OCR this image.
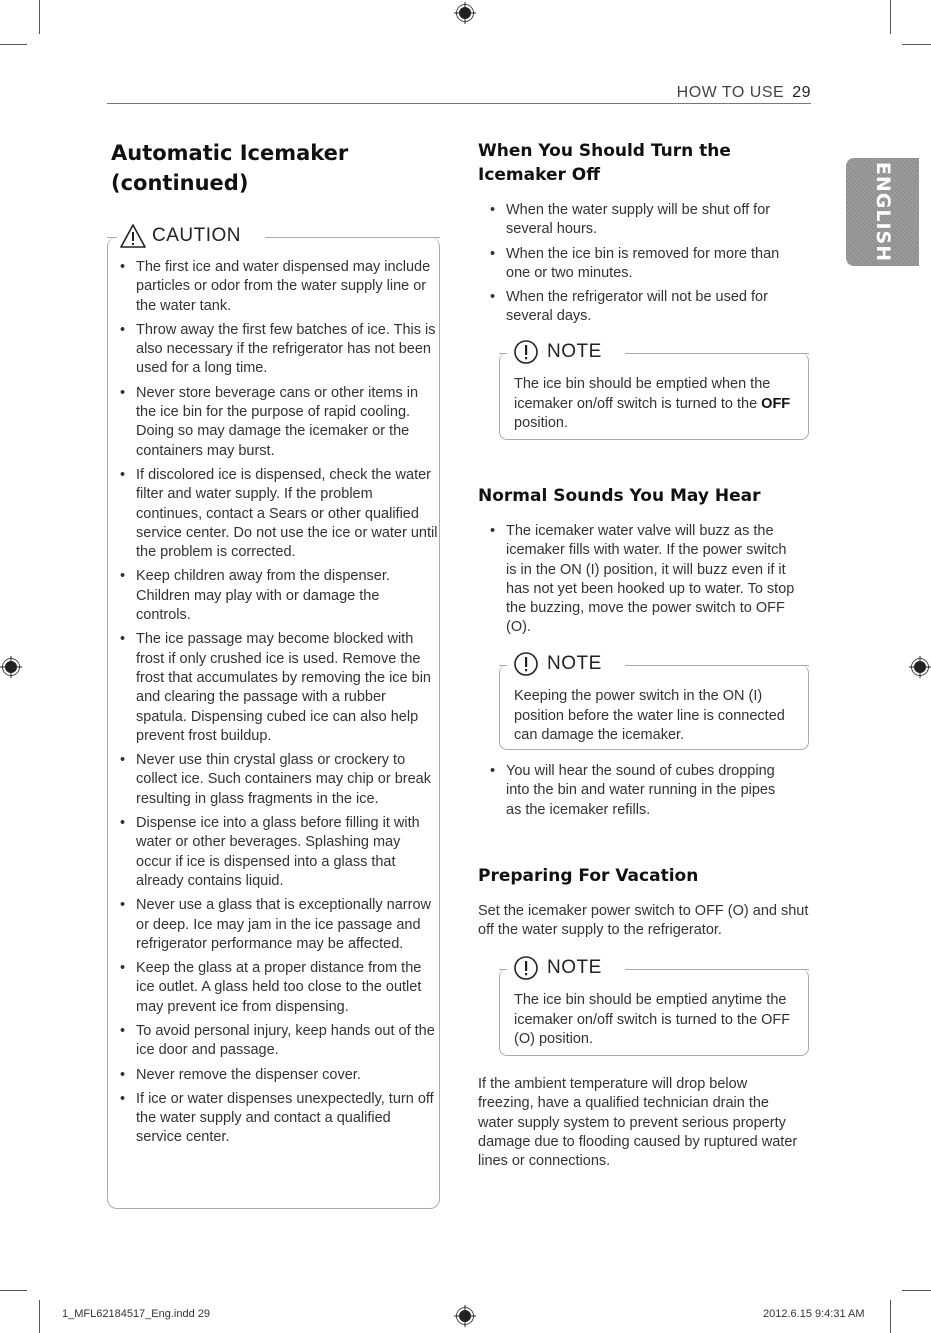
HOW TO USE 29
ENGLISH
Automatic Icemaker
(continued)
CAUTION
• The first ice and water dispensed may include particles or odor from the water supply line or the water tank.
• Throw away the first few batches of ice. This is also necessary if the refrigerator has not been used for a long time.
• Never store beverage cans or other items in the ice bin for the purpose of rapid cooling. Doing so may damage the icemaker or the containers may burst.
• If discolored ice is dispensed, check the water filter and water supply. If the problem continues, contact a Sears or other qualified service center. Do not use the ice or water until the problem is corrected.
• Keep children away from the dispenser. Children may play with or damage the controls.
• The ice passage may become blocked with frost if only crushed ice is used. Remove the frost that accumulates by removing the ice bin and clearing the passage with a rubber spatula. Dispensing cubed ice can also help prevent frost buildup.
• Never use thin crystal glass or crockery to collect ice. Such containers may chip or break resulting in glass fragments in the ice.
• Dispense ice into a glass before filling it with water or other beverages. Splashing may occur if ice is dispensed into a glass that already contains liquid.
• Never use a glass that is exceptionally narrow or deep. Ice may jam in the ice passage and refrigerator performance may be affected.
• Keep the glass at a proper distance from the ice outlet. A glass held too close to the outlet may prevent ice from dispensing.
• To avoid personal injury, keep hands out of the ice door and passage.
• Never remove the dispenser cover.
• If ice or water dispenses unexpectedly, turn off the water supply and contact a qualified service center.
When You Should Turn the
Icemaker Off
• When the water supply will be shut off for several hours.
• When the ice bin is removed for more than one or two minutes.
• When the refrigerator will not be used for several days.
NOTE
The ice bin should be emptied when the icemaker on/off switch is turned to the OFF position.
Normal Sounds You May Hear
• The icemaker water valve will buzz as the icemaker fills with water. If the power switch is in the ON (I) position, it will buzz even if it has not yet been hooked up to water. To stop the buzzing, move the power switch to OFF (O).
NOTE
Keeping the power switch in the ON (I) position before the water line is connected can damage the icemaker.
• You will hear the sound of cubes dropping into the bin and water running in the pipes as the icemaker refills.
Preparing For Vacation
Set the icemaker power switch to OFF (O) and shut off the water supply to the refrigerator.
NOTE
The ice bin should be emptied anytime the icemaker on/off switch is turned to the OFF (O) position.
If the ambient temperature will drop below freezing, have a qualified technician drain the water supply system to prevent serious property damage due to flooding caused by ruptured water lines or connections.
1_MFL62184517_Eng.indd 29	2012.6.15 9:4:31 AM
